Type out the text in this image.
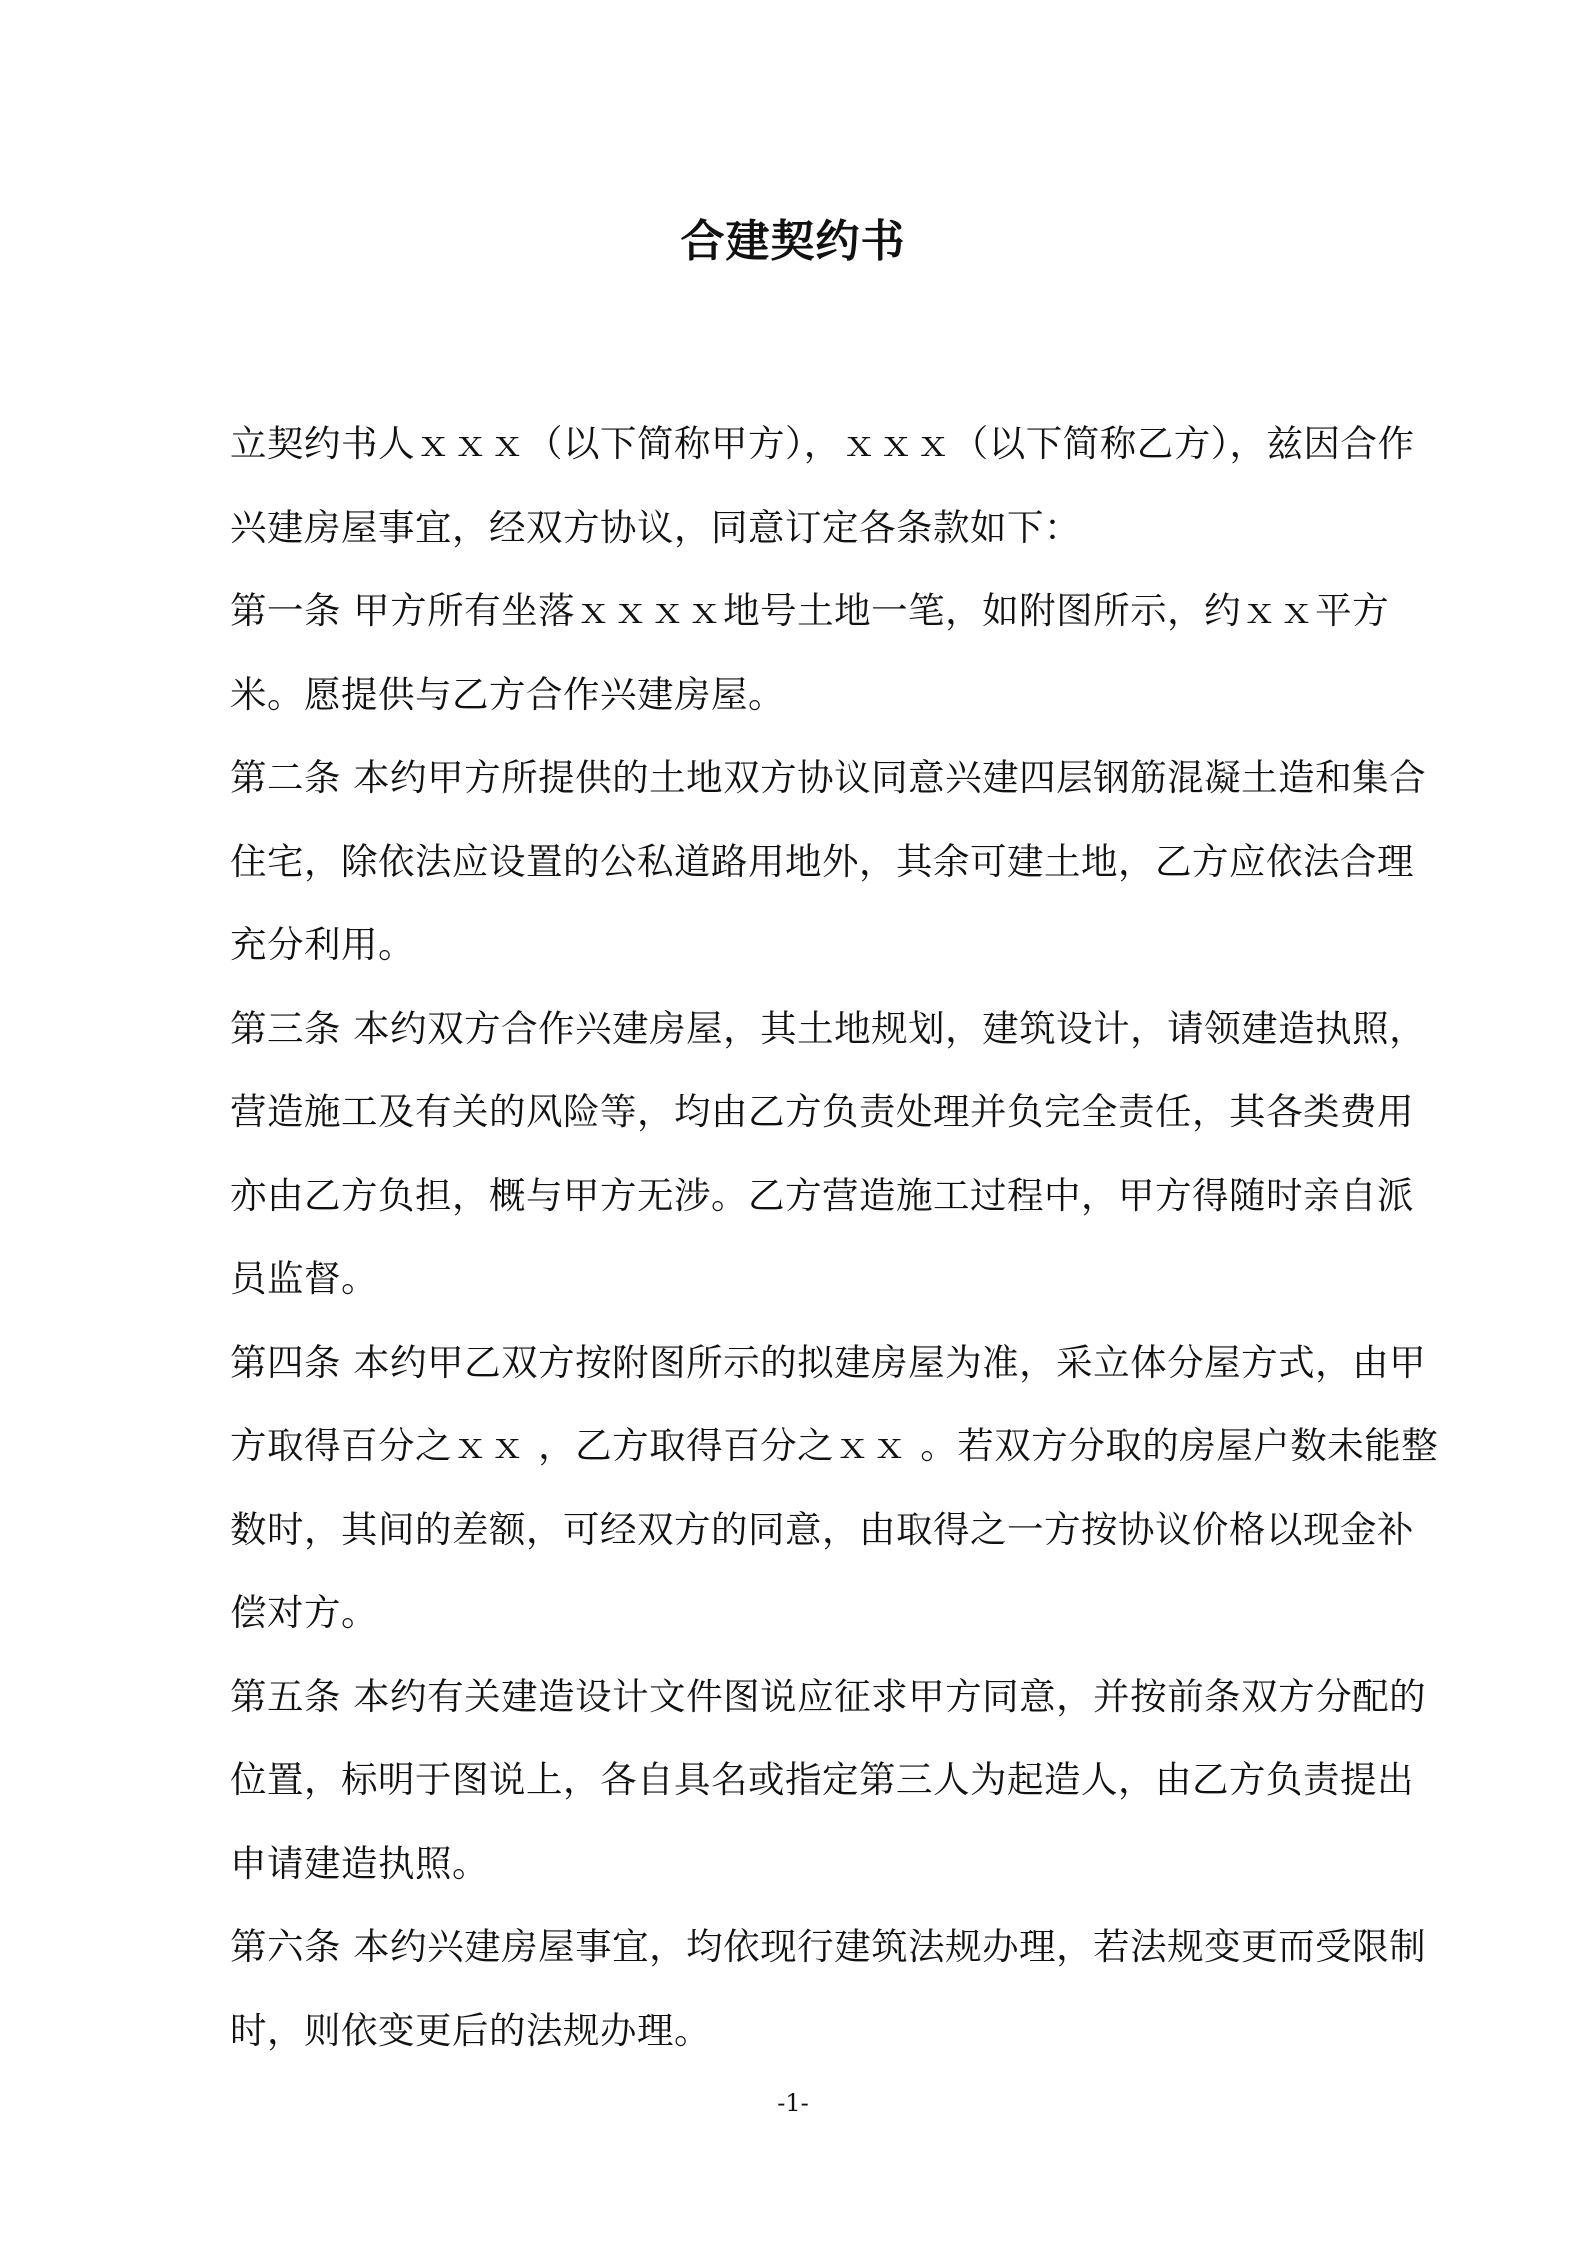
合建契约书

立契约书人ｘｘｘ（以下简称甲方），ｘｘｘ（以下简称乙方），兹因合作兴建房屋事宜，经双方协议，同意订定各条款如下：

第一条 甲方所有坐落ｘｘｘｘ地号土地一笔，如附图所示，约ｘｘ平方米。愿提供与乙方合作兴建房屋。

第二条 本约甲方所提供的土地双方协议同意兴建四层钢筋混凝土造和集合住宅，除依法应设置的公私道路用地外，其余可建土地，乙方应依法合理充分利用。

第三条 本约双方合作兴建房屋，其土地规划，建筑设计，请领建造执照，营造施工及有关的风险等，均由乙方负责处理并负完全责任，其各类费用亦由乙方负担，概与甲方无涉。乙方营造施工过程中，甲方得随时亲自派员监督。

第四条 本约甲乙双方按附图所示的拟建房屋为准，采立体分屋方式，由甲方取得百分之ｘｘ ，乙方取得百分之ｘｘ 。若双方分取的房屋户数未能整数时，其间的差额，可经双方的同意，由取得之一方按协议价格以现金补偿对方。

第五条 本约有关建造设计文件图说应征求甲方同意，并按前条双方分配的位置，标明于图说上，各自具名或指定第三人为起造人，由乙方负责提出申请建造执照。

第六条 本约兴建房屋事宜，均依现行建筑法规办理，若法规变更而受限制时，则依变更后的法规办理。

-1-
